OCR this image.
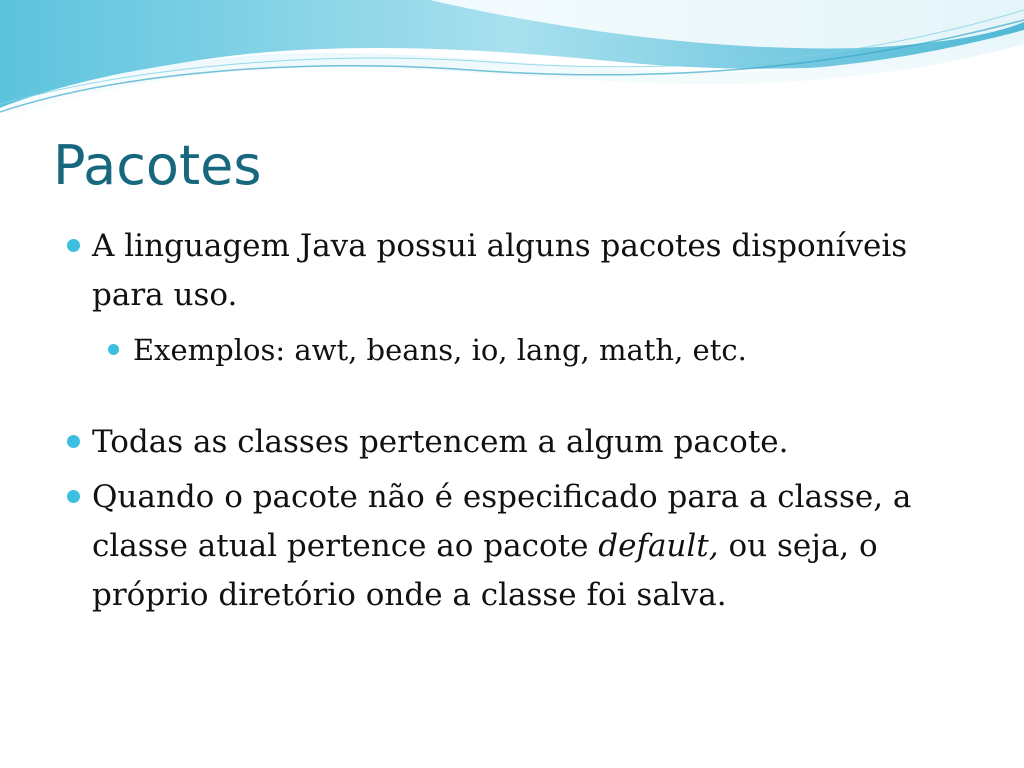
Pacotes
A linguagem Java possui alguns pacotes disponíveis para uso.
Exemplos: awt, beans, io, lang, math, etc.
Todas as classes pertencem a algum pacote.
Quando o pacote não é especificado para a classe, a classe atual pertence ao pacote default, ou seja, o próprio diretório onde a classe foi salva.
